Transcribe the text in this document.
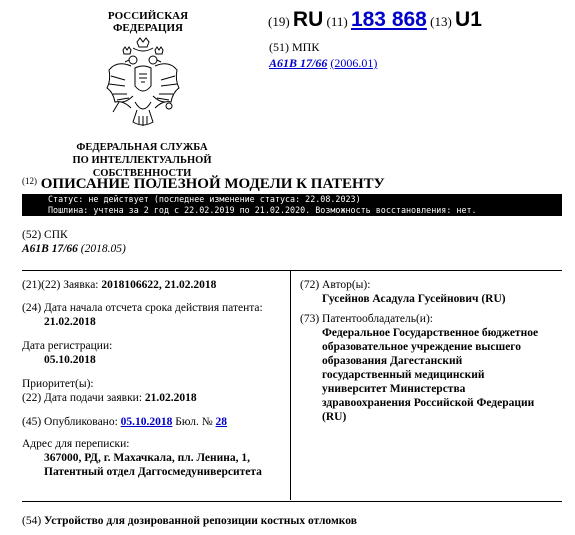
РОССИЙСКАЯ ФЕДЕРАЦИЯ
ФЕДЕРАЛЬНАЯ СЛУЖБА
ПО ИНТЕЛЛЕКТУАЛЬНОЙ СОБСТВЕННОСТИ
(19) RU (11) 183 868 (13) U1
(51) МПК
A61B 17/66 (2006.01)
$^{(12)}$ ОПИСАНИЕ ПОЛЕЗНОЙ МОДЕЛИ К ПАТЕНТУ
Статус: не действует (последнее изменение статуса: 22.08.2023)
Пошлина: учтена за 2 год с 22.02.2019 по 21.02.2020. Возможность восстановления: нет.
(52) СПК
A61B 17/66 (2018.05)
(21)(22) Заявка: 2018106622, 21.02.2018
(24) Дата начала отсчета срока действия патента:
21.02.2018
Дата регистрации:
05.10.2018
Приоритет(ы):
(22) Дата подачи заявки: 21.02.2018
(45) Опубликовано: 05.10.2018 Бюл. № 28
Адрес для переписки:
367000, РД, г. Махачкала, пл. Ленина, 1,
Патентный отдел Даггосмедуниверситета
(72) Автор(ы):
Гусейнов Асадула Гусейнович (RU)
(73) Патентообладатель(и):
Федеральное Государственное бюджетное
образовательное учреждение высшего
образования Дагестанский
государственный медицинский
университет Министерства
здравоохранения Российской Федерации
(RU)
(54) Устройство для дозированной репозиции костных отломков
